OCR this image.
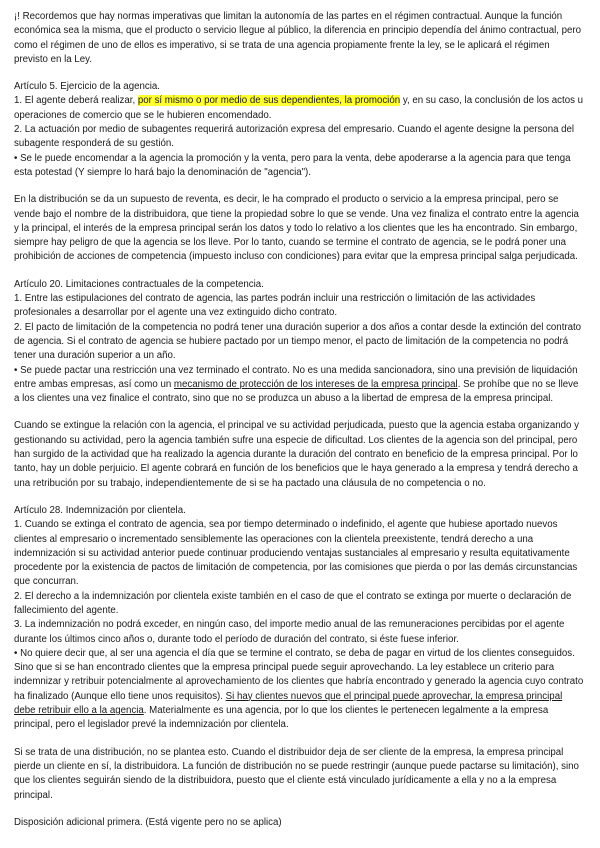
¡! Recordemos que hay normas imperativas que limitan la autonomía de las partes en el régimen contractual. Aunque la función económica sea la misma, que el producto o servicio llegue al público, la diferencia en principio dependía del ánimo contractual, pero como el régimen de uno de ellos es imperativo, si se trata de una agencia propiamente frente la ley, se le aplicará el régimen previsto en la Ley.

Artículo 5. Ejercicio de la agencia.

1. El agente deberá realizar, por sí mismo o por medio de sus dependientes, la promoción y, en su caso, la conclusión de los actos u operaciones de comercio que se le hubieren encomendado.

2. La actuación por medio de subagentes requerirá autorización expresa del empresario. Cuando el agente designe la persona del subagente responderá de su gestión.

• Se le puede encomendar a la agencia la promoción y la venta, pero para la venta, debe apoderarse a la agencia para que tenga esta potestad (Y siempre lo hará bajo la denominación de "agencia").

En la distribución se da un supuesto de reventa, es decir, le ha comprado el producto o servicio a la empresa principal, pero se vende bajo el nombre de la distribuidora, que tiene la propiedad sobre lo que se vende. Una vez finaliza el contrato entre la agencia y la principal, el interés de la empresa principal serán los datos y todo lo relativo a los clientes que les ha encontrado. Sin embargo, siempre hay peligro de que la agencia se los lleve. Por lo tanto, cuando se termine el contrato de agencia, se le podrá poner una prohibición de acciones de competencia (impuesto incluso con condiciones) para evitar que la empresa principal salga perjudicada.

Artículo 20. Limitaciones contractuales de la competencia.

1. Entre las estipulaciones del contrato de agencia, las partes podrán incluir una restricción o limitación de las actividades profesionales a desarrollar por el agente una vez extinguido dicho contrato.

2. El pacto de limitación de la competencia no podrá tener una duración superior a dos años a contar desde la extinción del contrato de agencia. Si el contrato de agencia se hubiere pactado por un tiempo menor, el pacto de limitación de la competencia no podrá tener una duración superior a un año.

• Se puede pactar una restricción una vez terminado el contrato. No es una medida sancionadora, sino una previsión de liquidación entre ambas empresas, así como un mecanismo de protección de los intereses de la empresa principal. Se prohíbe que no se lleve a los clientes una vez finalice el contrato, sino que no se produzca un abuso a la libertad de empresa de la empresa principal.

Cuando se extingue la relación con la agencia, el principal ve su actividad perjudicada, puesto que la agencia estaba organizando y gestionando su actividad, pero la agencia también sufre una especie de dificultad. Los clientes de la agencia son del principal, pero han surgido de la actividad que ha realizado la agencia durante la duración del contrato en beneficio de la empresa principal. Por lo tanto, hay un doble perjuicio. El agente cobrará en función de los beneficios que le haya generado a la empresa y tendrá derecho a una retribución por su trabajo, independientemente de si se ha pactado una cláusula de no competencia o no.

Artículo 28. Indemnización por clientela.

1. Cuando se extinga el contrato de agencia, sea por tiempo determinado o indefinido, el agente que hubiese aportado nuevos clientes al empresario o incrementado sensiblemente las operaciones con la clientela preexistente, tendrá derecho a una indemnización si su actividad anterior puede continuar produciendo ventajas sustanciales al empresario y resulta equitativamente procedente por la existencia de pactos de limitación de competencia, por las comisiones que pierda o por las demás circunstancias que concurran.

2. El derecho a la indemnización por clientela existe también en el caso de que el contrato se extinga por muerte o declaración de fallecimiento del agente.

3. La indemnización no podrá exceder, en ningún caso, del importe medio anual de las remuneraciones percibidas por el agente durante los últimos cinco años o, durante todo el período de duración del contrato, si éste fuese inferior.

• No quiere decir que, al ser una agencia el día que se termine el contrato, se deba de pagar en virtud de los clientes conseguidos. Sino que si se han encontrado clientes que la empresa principal puede seguir aprovechando. La ley establece un criterio para indemnizar y retribuir potencialmente al aprovechamiento de los clientes que habría encontrado y generado la agencia cuyo contrato ha finalizado (Aunque ello tiene unos requisitos). Si hay clientes nuevos que el principal puede aprovechar, la empresa principal debe retribuir ello a la agencia. Materialmente es una agencia, por lo que los clientes le pertenecen legalmente a la empresa principal, pero el legislador prevé la indemnización por clientela.

Si se trata de una distribución, no se plantea esto. Cuando el distribuidor deja de ser cliente de la empresa, la empresa principal pierde un cliente en sí, la distribuidora. La función de distribución no se puede restringir (aunque puede pactarse su limitación), sino que los clientes seguirán siendo de la distribuidora, puesto que el cliente está vinculado jurídicamente a ella y no a la empresa principal.

Disposición adicional primera. (Está vigente pero no se aplica)
